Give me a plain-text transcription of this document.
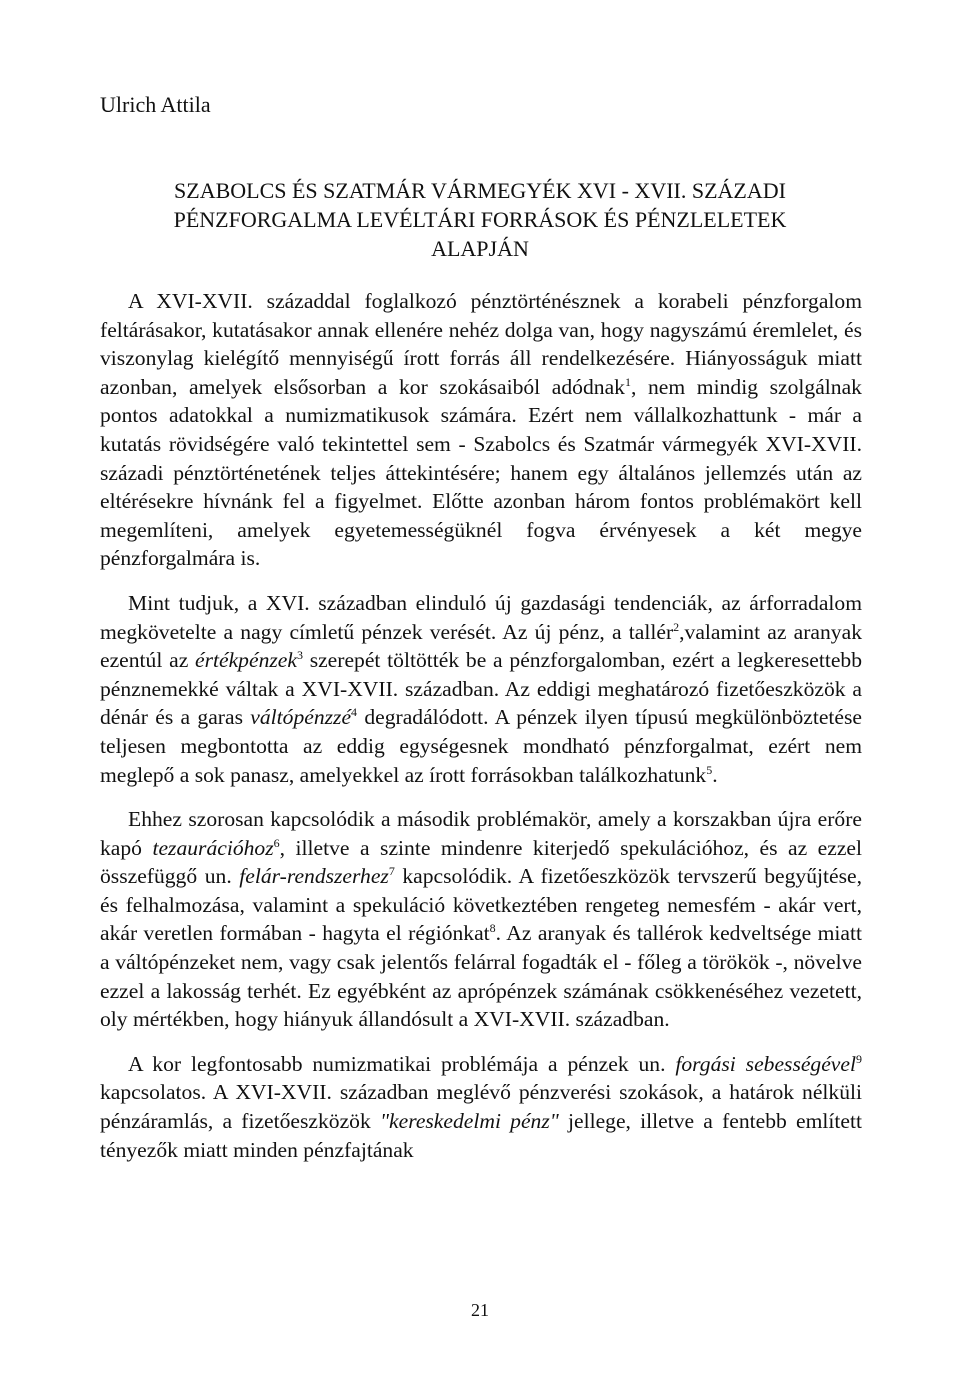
Ulrich Attila
SZABOLCS ÉS SZATMÁR VÁRMEGYÉK XVI - XVII. SZÁZADI
PÉNZFORGALMA LEVÉLTÁRI FORRÁSOK ÉS PÉNZLELETEK
ALAPJÁN

A XVI-XVII. századdal foglalkozó pénztörténésznek a korabeli pénzforgalom feltárásakor, kutatásakor annak ellenére nehéz dolga van, hogy nagyszámú éremlelet, és viszonylag kielégítő mennyiségű írott forrás áll rendelkezésére. Hiányosságuk miatt azonban, amelyek elsősorban a kor szokásaiból adódnak$^1$, nem mindig szolgálnak pontos adatokkal a numizmatikusok számára. Ezért nem vállalkozhattunk - már a kutatás rövidségére való tekintettel sem - Szabolcs és Szatmár vármegyék XVI-XVII. századi pénztörténetének teljes áttekintésére; hanem egy általános jellemzés után az eltérésekre hívnánk fel a figyelmet. Előtte azonban három fontos problémakört kell megemlíteni, amelyek egyetemességüknél fogva érvényesek a két megye pénzforgalmára is.

Mint tudjuk, a XVI. században elinduló új gazdasági tendenciák, az árforradalom megkövetelte a nagy címletű pénzek verését. Az új pénz, a tallér$^2$,valamint az aranyak ezentúl az értékpénzek$^3$ szerepét töltötték be a pénzforgalomban, ezért a legkeresettebb pénznemekké váltak a XVI-XVII. században. Az eddigi meghatározó fizetőeszközök a dénár és a garas váltópénzzé$^4$ degradálódott. A pénzek ilyen típusú megkülönböztetése teljesen megbontotta az eddig egységesnek mondható pénzforgalmat, ezért nem meglepő a sok panasz, amelyekkel az írott forrásokban találkozhatunk$^5$.

Ehhez szorosan kapcsolódik a második problémakör, amely a korszakban újra erőre kapó tezaurációhoz$^6$, illetve a szinte mindenre kiterjedő spekulációhoz, és az ezzel összefüggő un. felár-rendszerhez$^7$ kapcsolódik. A fizetőeszközök tervszerű begyűjtése, és felhalmozása, valamint a spekuláció következtében rengeteg nemesfém - akár vert, akár veretlen formában - hagyta el régiónkat$^8$. Az aranyak és tallérok kedveltsége miatt a váltópénzeket nem, vagy csak jelentős felárral fogadták el - főleg a törökök -, növelve ezzel a lakosság terhét. Ez egyébként az aprópénzek számának csökkenéséhez vezetett, oly mértékben, hogy hiányuk állandósult a XVI-XVII. században.

A kor legfontosabb numizmatikai problémája a pénzek un. forgási sebességével$^9$ kapcsolatos. A XVI-XVII. században meglévő pénzverési szokások, a határok nélküli pénzáramlás, a fizetőeszközök "kereskedelmi pénz" jellege, illetve a fentebb említett tényezők miatt minden pénzfajtának

21
